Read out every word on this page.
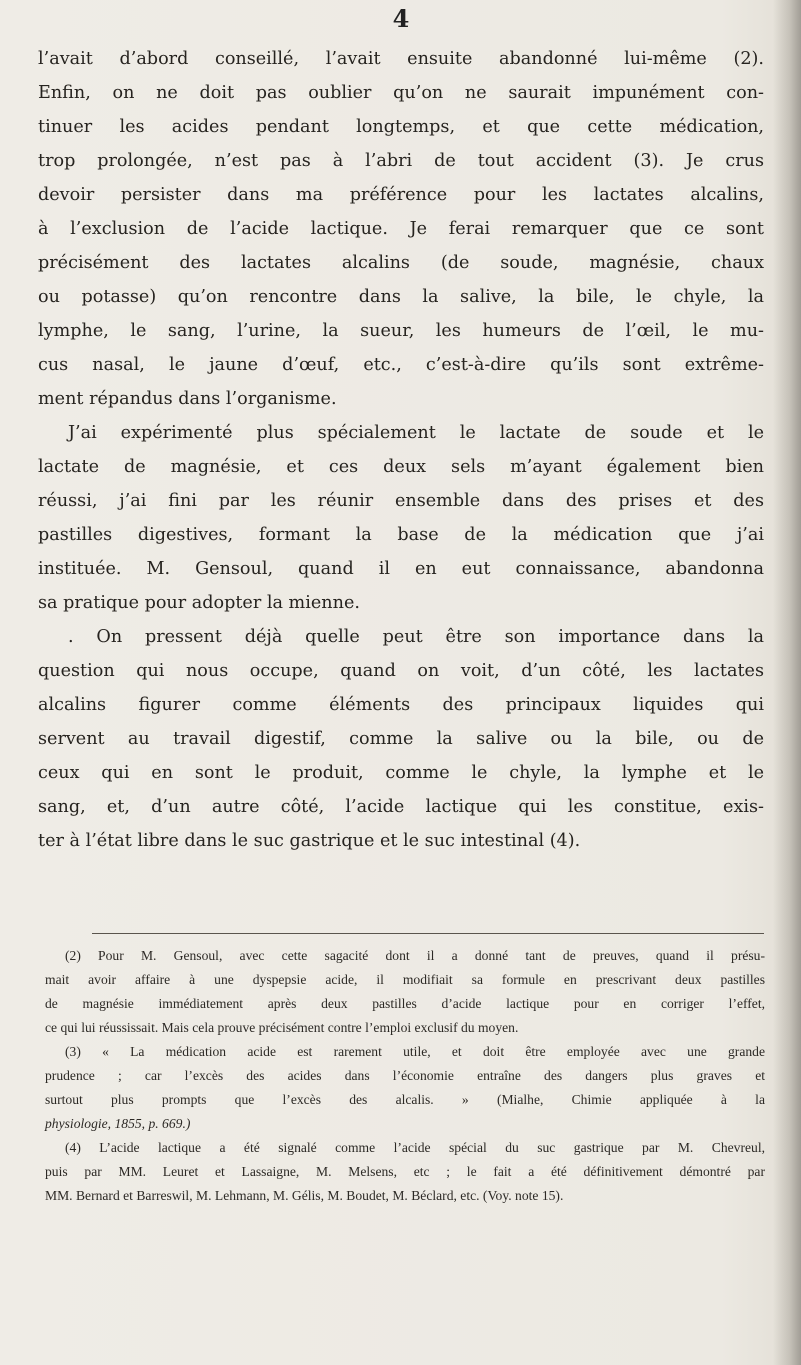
4
l’avait d’abord conseillé, l’avait ensuite abandonné lui-même (2).
Enfin, on ne doit pas oublier qu’on ne saurait impunément con-
tinuer les acides pendant longtemps, et que cette médication,
trop prolongée, n’est pas à l’abri de tout accident (3). Je crus
devoir persister dans ma préférence pour les lactates alcalins,
à l’exclusion de l’acide lactique. Je ferai remarquer que ce sont
précisément des lactates alcalins (de soude, magnésie, chaux
ou potasse) qu’on rencontre dans la salive, la bile, le chyle, la
lymphe, le sang, l’urine, la sueur, les humeurs de l’œil, le mu-
cus nasal, le jaune d’œuf, etc., c’est-à-dire qu’ils sont extrême-
ment répandus dans l’organisme.
J’ai expérimenté plus spécialement le lactate de soude et le
lactate de magnésie, et ces deux sels m’ayant également bien
réussi, j’ai fini par les réunir ensemble dans des prises et des
pastilles digestives, formant la base de la médication que j’ai
instituée. M. Gensoul, quand il en eut connaissance, abandonna
sa pratique pour adopter la mienne.
. On pressent déjà quelle peut être son importance dans la
question qui nous occupe, quand on voit, d’un côté, les lactates
alcalins figurer comme éléments des principaux liquides qui
servent au travail digestif, comme la salive ou la bile, ou de
ceux qui en sont le produit, comme le chyle, la lymphe et le
sang, et, d’un autre côté, l’acide lactique qui les constitue, exis-
ter à l’état libre dans le suc gastrique et le suc intestinal (4).
(2) Pour M. Gensoul, avec cette sagacité dont il a donné tant de preuves, quand il présu-
mait avoir affaire à une dyspepsie acide, il modifiait sa formule en prescrivant deux pastilles
de magnésie immédiatement après deux pastilles d’acide lactique pour en corriger l’effet,
ce qui lui réussissait. Mais cela prouve précisément contre l’emploi exclusif du moyen.
(3) « La médication acide est rarement utile, et doit être employée avec une grande
prudence ; car l’excès des acides dans l’économie entraîne des dangers plus graves et
surtout plus prompts que l’excès des alcalis. » (Mialhe, Chimie appliquée à la
physiologie, 1855, p. 669.)
(4) L’acide lactique a été signalé comme l’acide spécial du suc gastrique par M. Chevreul,
puis par MM. Leuret et Lassaigne, M. Melsens, etc ; le fait a été définitivement démontré par
MM. Bernard et Barreswil, M. Lehmann, M. Gélis, M. Boudet, M. Béclard, etc. (Voy. note 15).
